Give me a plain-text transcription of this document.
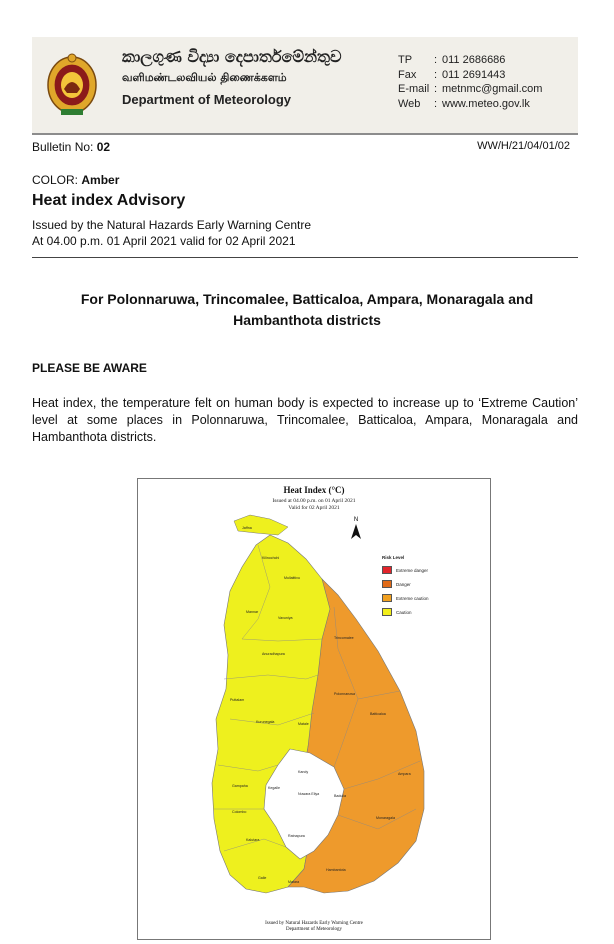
කාලගුණ විද්‍යා දෙපාර්තමේන්තුව
வளிமண்டலவியல் திணைக்களம்
Department of Meteorology
TP	: 011 2686686
Fax	: 011 2691443
E-mail : metnmc@gmail.com
Web	: www.meteo.gov.lk
Bulletin No: 02	WW/H/21/04/01/02
COLOR: Amber
Heat index Advisory
Issued by the Natural Hazards Early Warning Centre
At 04.00 p.m. 01 April 2021 valid for 02 April 2021
For Polonnaruwa, Trincomalee, Batticaloa, Ampara, Monaragala and Hambanthota districts
PLEASE BE AWARE
Heat index, the temperature felt on human body is expected to increase up to ‘Extreme Caution’ level at some places in Polonnaruwa, Trincomalee, Batticaloa, Ampara, Monaragala and Hambanthota districts.
Heat Index (°C)
Issued at 04.00 p.m. on 01 April 2021
Valid for 02 April 2021
N
Jaffna
Kilinochchi
Mullaittivu
Mannar
Vavuniya
Trincomalee
Anuradhapura
Puttalam
Polonnaruwa
Batticaloa
Kurunegala	Matale
Kandy
Kegalle
Nuwara Eliya	Badulla
Ampara
Gampaha
Colombo
Monaragala
Kalutara
Ratnapura
Galle
Matara
Hambantota
Risk Level
Extreme danger
Danger
Extreme caution
Caution
Issued by Natural Hazards Early Warning Centre
Department of Meteorology
